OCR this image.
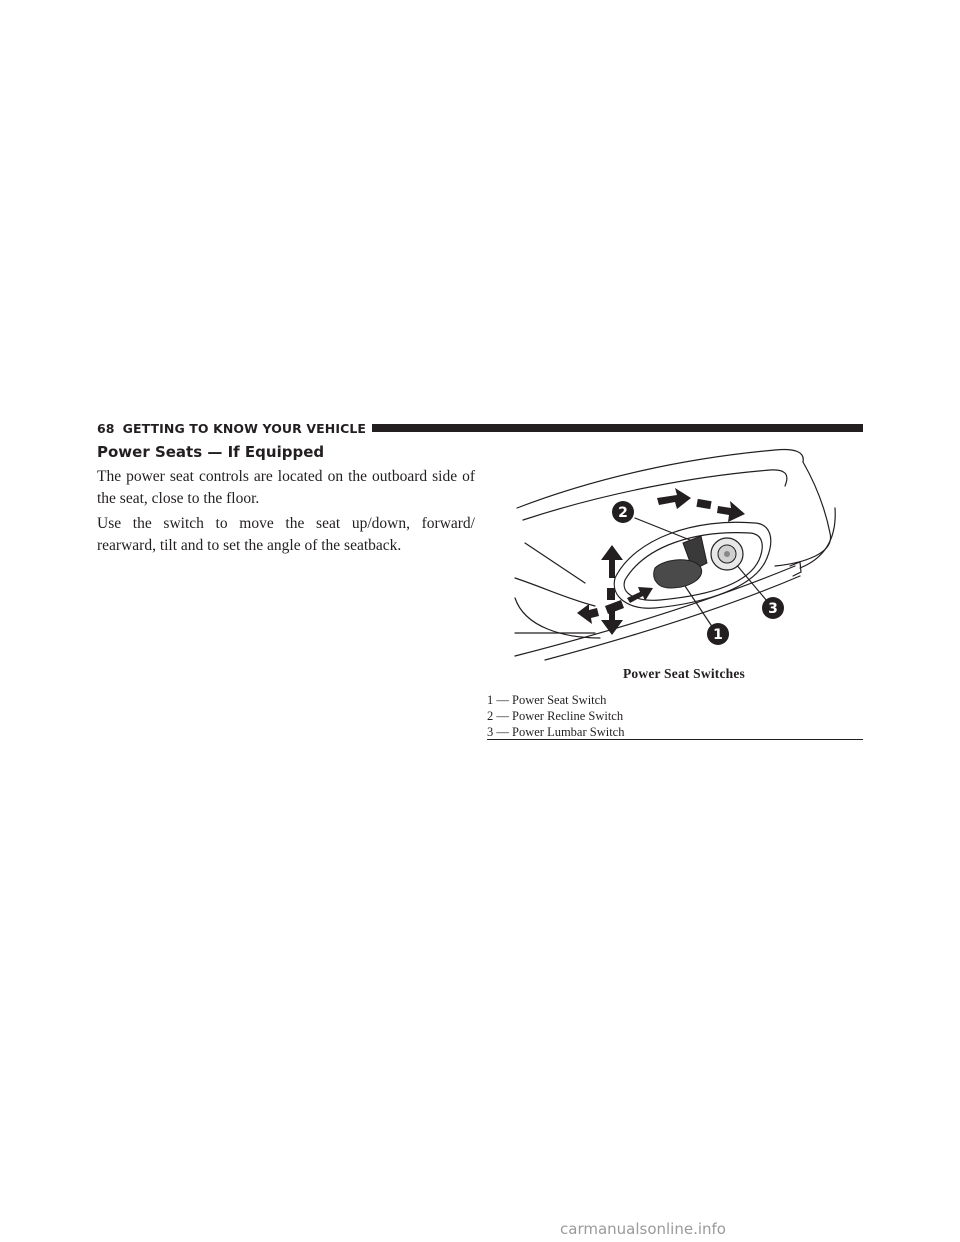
68 GETTING TO KNOW YOUR VEHICLE
Power Seats — If Equipped

The power seat controls are located on the outboard side of the seat, close to the floor.

Use the switch to move the seat up/down, forward/ rearward, tilt and to set the angle of the seatback.

2
1
3
Power Seat Switches
1 — Power Seat Switch
2 — Power Recline Switch
3 — Power Lumbar Switch
carmanualsonline.info
